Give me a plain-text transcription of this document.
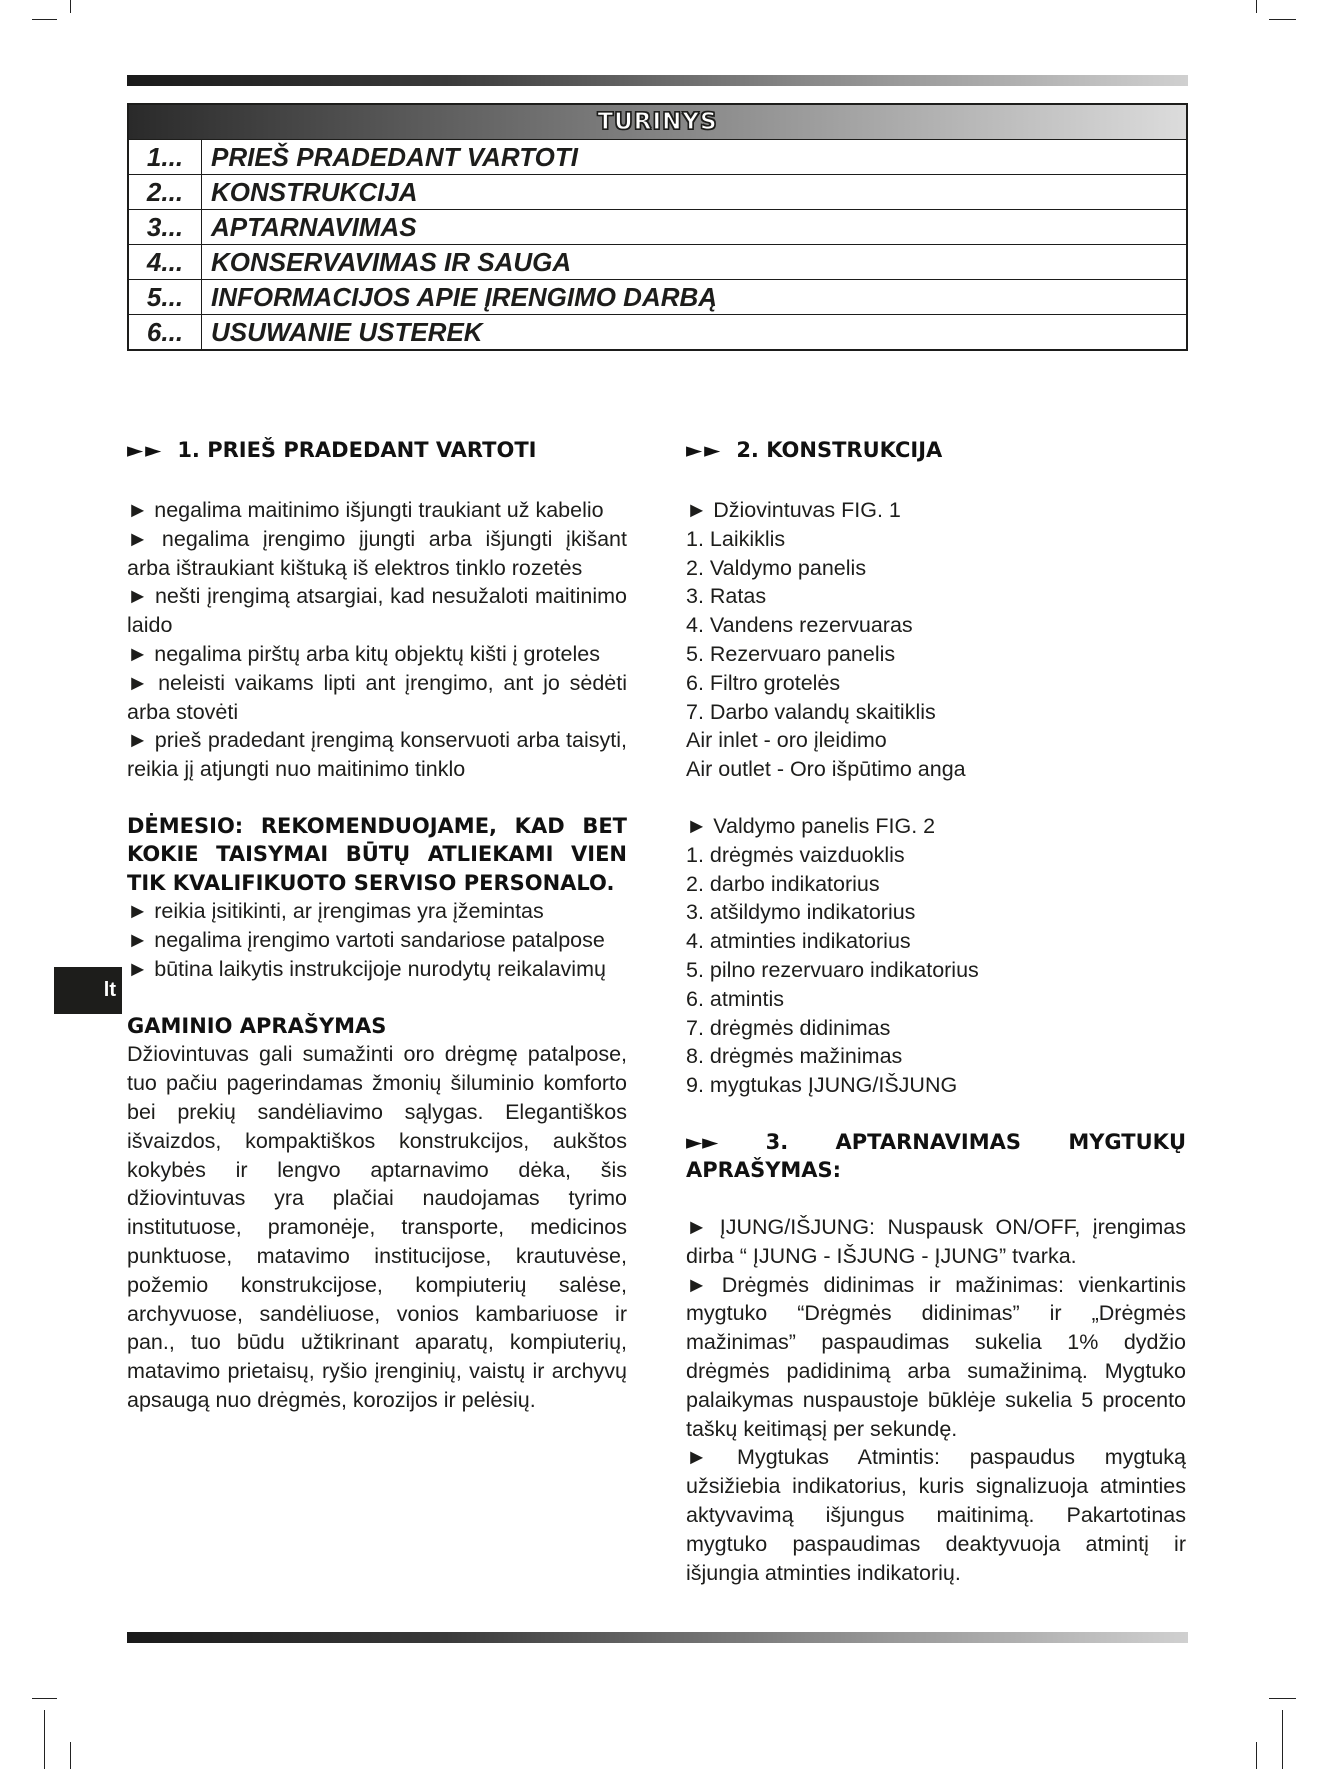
TURINYS	
1...	PRIEŠ PRADEDANT VARTOTI
2...	KONSTRUKCIJA
3...	APTARNAVIMAS
4...	KONSERVAVIMAS IR SAUGA
5...	INFORMACIJOS APIE ĮRENGIMO DARBĄ
6...	USUWANIE USTEREK
lt
►► 1. PRIEŠ PRADEDANT VARTOTI

► negalima maitinimo išjungti traukiant už kabelio

► negalima įrengimo įjungti arba išjungti įkišant arba ištraukiant kištuką iš elektros tinklo rozetės

► nešti įrengimą atsargiai, kad nesužaloti maitinimo laido

► negalima pirštų arba kitų objektų kišti į groteles

► neleisti vaikams lipti ant įrengimo, ant jo sėdėti arba stovėti

► prieš pradedant įrengimą konservuoti arba taisyti, reikia jį atjungti nuo maitinimo tinklo

DĖMESIO: REKOMENDUOJAME, KAD BET KOKIE TAISYMAI BŪTŲ ATLIEKAMI VIEN TIK KVALIFIKUOTO SERVISO PERSONALO.

► reikia įsitikinti, ar įrengimas yra įžemintas

► negalima įrengimo vartoti sandariose patalpose

► būtina laikytis instrukcijoje nurodytų reikalavimų

GAMINIO APRAŠYMAS

Džiovintuvas gali sumažinti oro drėgmę patalpose, tuo pačiu pagerindamas žmonių šiluminio komforto bei prekių sandėliavimo sąlygas. Elegantiškos išvaizdos, kompaktiškos konstrukcijos, aukštos kokybės ir lengvo aptarnavimo dėka, šis džiovintuvas yra plačiai naudojamas tyrimo institutuose, pramonėje, transporte, medicinos punktuose, matavimo institucijose, krautuvėse, požemio konstrukcijose, kompiuterių salėse, archyvuose, sandėliuose, vonios kambariuose ir pan., tuo būdu užtikrinant aparatų, kompiuterių, matavimo prietaisų, ryšio įrenginių, vaistų ir archyvų apsaugą nuo drėgmės, korozijos ir pelėsių.

►► 2. KONSTRUKCIJA

► Džiovintuvas FIG. 1

1. Laikiklis

2. Valdymo panelis

3. Ratas

4. Vandens rezervuaras

5. Rezervuaro panelis

6. Filtro grotelės

7. Darbo valandų skaitiklis

Air inlet - oro įleidimo

Air outlet - Oro išpūtimo anga

► Valdymo panelis FIG. 2

1. drėgmės vaizduoklis

2. darbo indikatorius

3. atšildymo indikatorius

4. atminties indikatorius

5. pilno rezervuaro indikatorius

6. atmintis

7. drėgmės didinimas

8. drėgmės mažinimas

9. mygtukas ĮJUNG/IŠJUNG

►► 3. APTARNAVIMAS MYGTUKŲ APRAŠYMAS:

► ĮJUNG/IŠJUNG: Nuspausk ON/OFF, įrengimas dirba “ ĮJUNG - IŠJUNG - ĮJUNG” tvarka.

► Drėgmės didinimas ir mažinimas: vienkartinis mygtuko “Drėgmės didinimas” ir „Drėgmės mažinimas” paspaudimas sukelia 1% dydžio drėgmės padidinimą arba sumažinimą. Mygtuko palaikymas nuspaustoje būklėje sukelia 5 procento taškų keitimąsį per sekundę.

► Mygtukas Atmintis: paspaudus mygtuką užsižiebia indikatorius, kuris signalizuoja atminties aktyvavimą išjungus maitinimą. Pakartotinas mygtuko paspaudimas deaktyvuoja atmintį ir išjungia atminties indikatorių.
